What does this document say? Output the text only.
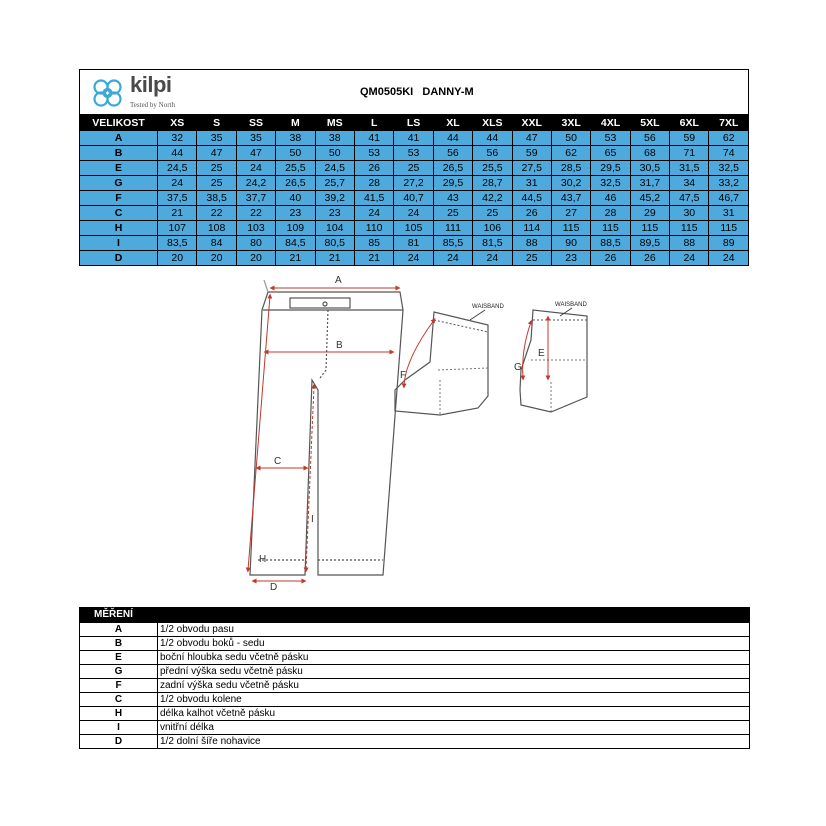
kilpi
Tested by North
QM0505KI DANNY-M
VELIKOST	XS	S	SS	M	MS	L	LS	XL	XLS	XXL	3XL	4XL	5XL	6XL	7XL
A	32	35	35	38	38	41	41	44	44	47	50	53	56	59	62
B	44	47	47	50	50	53	53	56	56	59	62	65	68	71	74
E	24,5	25	24	25,5	24,5	26	25	26,5	25,5	27,5	28,5	29,5	30,5	31,5	32,5
G	24	25	24,2	26,5	25,7	28	27,2	29,5	28,7	31	30,2	32,5	31,7	34	33,2
F	37,5	38,5	37,7	40	39,2	41,5	40,7	43	42,2	44,5	43,7	46	45,2	47,5	46,7
C	21	22	22	23	23	24	24	25	25	26	27	28	29	30	31
H	107	108	103	109	104	110	105	111	106	114	115	115	115	115	115
I	83,5	84	80	84,5	80,5	85	81	85,5	81,5	88	90	88,5	89,5	88	89
D	20	20	20	21	21	21	24	24	24	25	23	26	26	24	24
A
B
C
D
H
I
WAISBAND
F
WAISBAND
E
G
MĚŘENÍ	
A	1/2 obvodu pasu
B	1/2 obvodu boků - sedu
E	boční hloubka sedu včetně pásku
G	přední výška sedu včetně pásku
F	zadní výška sedu včetně pásku
C	1/2 obvodu kolene
H	délka kalhot včetně pásku
I	vnitřní délka
D	1/2 dolní šíře nohavice
